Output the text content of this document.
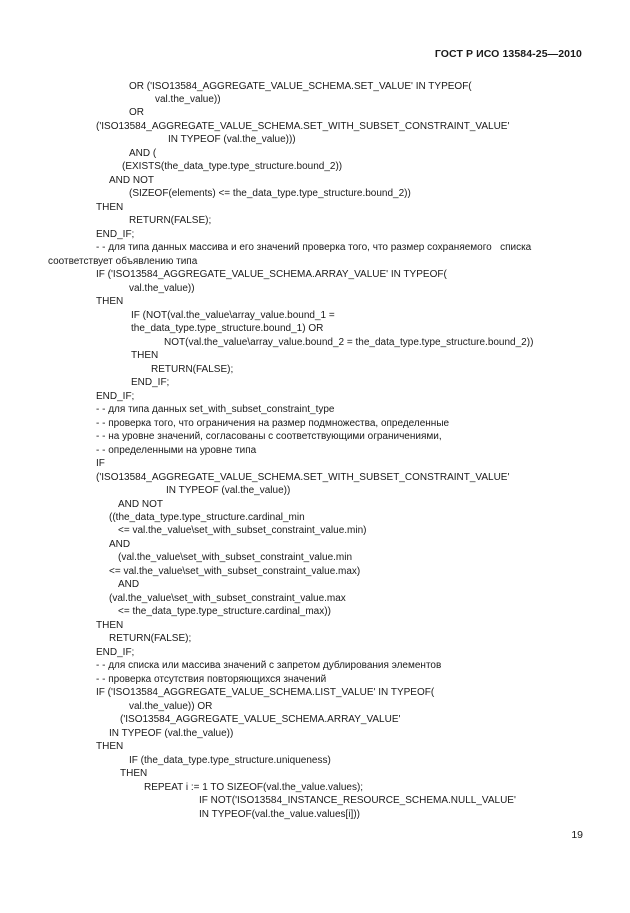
ГОСТ Р ИСО 13584-25—2010
OR ('ISO13584_AGGREGATE_VALUE_SCHEMA.SET_VALUE' IN TYPEOF(
val.the_value))
OR
('ISO13584_AGGREGATE_VALUE_SCHEMA.SET_WITH_SUBSET_CONSTRAINT_VALUE'
IN TYPEOF (val.the_value)))
AND (
(EXISTS(the_data_type.type_structure.bound_2))
AND NOT
(SIZEOF(elements) <= the_data_type.type_structure.bound_2))
THEN
RETURN(FALSE);
END_IF;
- - для типа данных массива и его значений проверка того, что размер сохраняемого   списка
соответствует объявлению типа
IF ('ISO13584_AGGREGATE_VALUE_SCHEMA.ARRAY_VALUE' IN TYPEOF(
val.the_value))
THEN
IF (NOT(val.the_value\array_value.bound_1 =
the_data_type.type_structure.bound_1) OR
NOT(val.the_value\array_value.bound_2 = the_data_type.type_structure.bound_2))
THEN
RETURN(FALSE);
END_IF;
END_IF;
- - для типа данных set_with_subset_constraint_type
- - проверка того, что ограничения на размер подмножества, определенные
- - на уровне значений, согласованы с соответствующими ограничениями,
- - определенными на уровне типа
IF
('ISO13584_AGGREGATE_VALUE_SCHEMA.SET_WITH_SUBSET_CONSTRAINT_VALUE'
IN TYPEOF (val.the_value))
AND NOT
((the_data_type.type_structure.cardinal_min
<= val.the_value\set_with_subset_constraint_value.min)
AND
(val.the_value\set_with_subset_constraint_value.min
<= val.the_value\set_with_subset_constraint_value.max)
AND
(val.the_value\set_with_subset_constraint_value.max
<= the_data_type.type_structure.cardinal_max))
THEN
RETURN(FALSE);
END_IF;
- - для списка или массива значений с запретом дублирования элементов
- - проверка отсутствия повторяющихся значений
IF ('ISO13584_AGGREGATE_VALUE_SCHEMA.LIST_VALUE' IN TYPEOF(
val.the_value)) OR
('ISO13584_AGGREGATE_VALUE_SCHEMA.ARRAY_VALUE'
IN TYPEOF (val.the_value))
THEN
IF (the_data_type.type_structure.uniqueness)
THEN
REPEAT i := 1 TO SIZEOF(val.the_value.values);
IF NOT('ISO13584_INSTANCE_RESOURCE_SCHEMA.NULL_VALUE'
IN TYPEOF(val.the_value.values[i]))
19
